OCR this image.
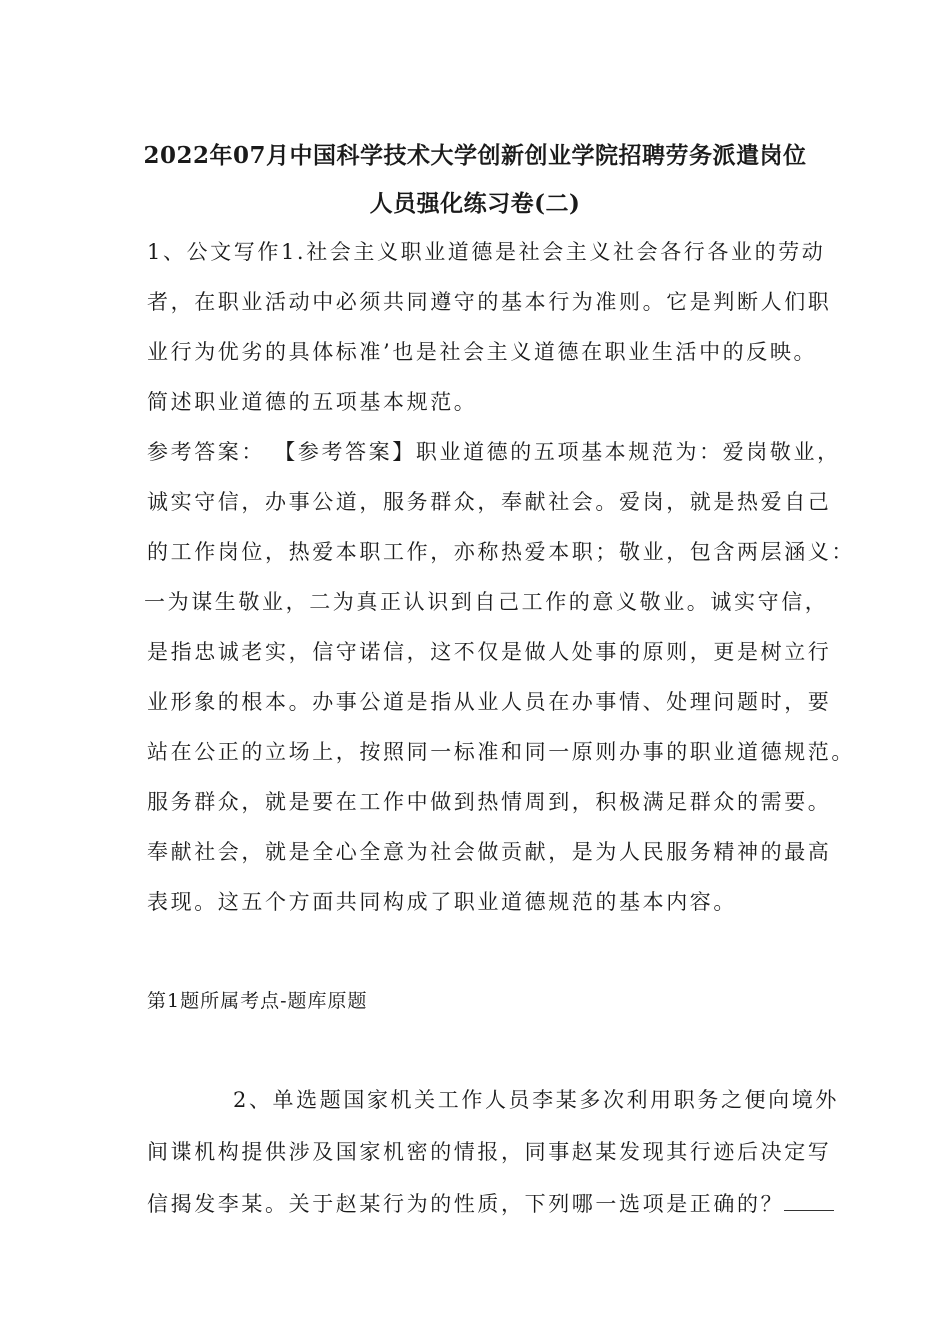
2022年07月中国科学技术大学创新创业学院招聘劳务派遣岗位
人员强化练习卷(二)
1、公文写作1.社会主义职业道德是社会主义社会各行各业的劳动
者，在职业活动中必须共同遵守的基本行为准则。它是判断人们职
业行为优劣的具体标准’也是社会主义道德在职业生活中的反映。
简述职业道德的五项基本规范。
参考答案： 【参考答案】职业道德的五项基本规范为：爱岗敬业，
诚实守信，办事公道，服务群众，奉献社会。爱岗，就是热爱自己
的工作岗位，热爱本职工作，亦称热爱本职；敬业，包含两层涵义：
一为谋生敬业，二为真正认识到自己工作的意义敬业。诚实守信，
是指忠诚老实，信守诺信，这不仅是做人处事的原则，更是树立行
业形象的根本。办事公道是指从业人员在办事情、处理问题时，要
站在公正的立场上，按照同一标准和同一原则办事的职业道德规范。
服务群众，就是要在工作中做到热情周到，积极满足群众的需要。
奉献社会，就是全心全意为社会做贡献，是为人民服务精神的最高
表现。这五个方面共同构成了职业道德规范的基本内容。
第1题所属考点-题库原题
2、单选题国家机关工作人员李某多次利用职务之便向境外
间谍机构提供涉及国家机密的情报，同事赵某发现其行迹后决定写
信揭发李某。关于赵某行为的性质，下列哪一选项是正确的？
